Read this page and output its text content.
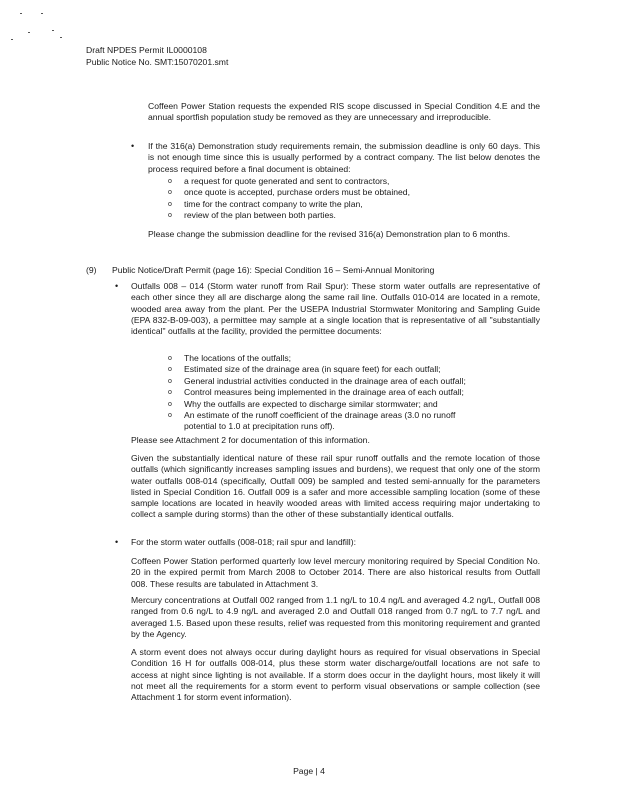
Draft NPDES Permit IL0000108
Public Notice No. SMT:15070201.smt

Coffeen Power Station requests the expended RIS scope discussed in Special Condition 4.E and the annual sportfish population study be removed as they are unnecessary and irreproducible.

• If the 316(a) Demonstration study requirements remain, the submission deadline is only 60 days. This is not enough time since this is usually performed by a contract company. The list below denotes the process required before a final document is obtained:

o a request for quote generated and sent to contractors,
o once quote is accepted, purchase orders must be obtained,
o time for the contract company to write the plan,
o review of the plan between both parties.

Please change the submission deadline for the revised 316(a) Demonstration plan to 6 months.

(9) Public Notice/Draft Permit (page 16): Special Condition 16 – Semi-Annual Monitoring
• Outfalls 008 – 014 (Storm water runoff from Rail Spur): These storm water outfalls are representative of each other since they all are discharge along the same rail line. Outfalls 010-014 are located in a remote, wooded area away from the plant. Per the USEPA Industrial Stormwater Monitoring and Sampling Guide (EPA 832-B-09-003), a permittee may sample at a single location that is representative of all "substantially identical" outfalls at the facility, provided the permittee documents:

o The locations of the outfalls;
o Estimated size of the drainage area (in square feet) for each outfall;
o General industrial activities conducted in the drainage area of each outfall;
o Control measures being implemented in the drainage area of each outfall;
o Why the outfalls are expected to discharge similar stormwater; and
o An estimate of the runoff coefficient of the drainage areas (3.0 no runoff potential to 1.0 at precipitation runs off).

Please see Attachment 2 for documentation of this information.

Given the substantially identical nature of these rail spur runoff outfalls and the remote location of those outfalls (which significantly increases sampling issues and burdens), we request that only one of the storm water outfalls 008-014 (specifically, Outfall 009) be sampled and tested semi-annually for the parameters listed in Special Condition 16. Outfall 009 is a safer and more accessible sampling location (some of these sample locations are located in heavily wooded areas with limited access requiring major undertaking to collect a sample during storms) than the other of these substantially identical outfalls.

• For the storm water outfalls (008-018; rail spur and landfill):

Coffeen Power Station performed quarterly low level mercury monitoring required by Special Condition No. 20 in the expired permit from March 2008 to October 2014. There are also historical results from Outfall 008. These results are tabulated in Attachment 3.

Mercury concentrations at Outfall 002 ranged from 1.1 ng/L to 10.4 ng/L and averaged 4.2 ng/L, Outfall 008 ranged from 0.6 ng/L to 4.9 ng/L and averaged 2.0 and Outfall 018 ranged from 0.7 ng/L to 7.7 ng/L and averaged 1.5. Based upon these results, relief was requested from this monitoring requirement and granted by the Agency.

A storm event does not always occur during daylight hours as required for visual observations in Special Condition 16 H for outfalls 008-014, plus these storm water discharge/outfall locations are not safe to access at night since lighting is not available. If a storm does occur in the daylight hours, most likely it will not meet all the requirements for a storm event to perform visual observations or sample collection (see Attachment 1 for storm event information).

Page | 4
